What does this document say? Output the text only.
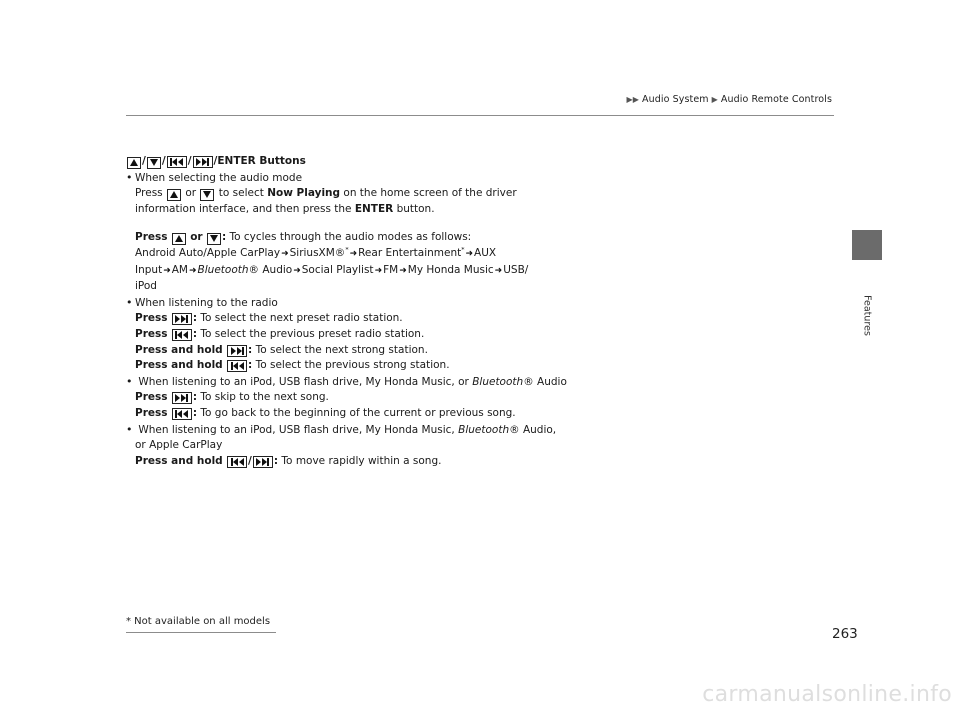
▶▶ Audio System ▶ Audio Remote Controls
Features
/ / / /ENTER Buttons
• When selecting the audio mode
Press or to select Now Playing on the home screen of the driver
information interface, and then press the ENTER button.
Press or : To cycles through the audio modes as follows:
Android Auto/Apple CarPlay➜SiriusXM®*➜Rear Entertainment*➜AUX
Input➜AM➜Bluetooth® Audio➜Social Playlist➜FM➜My Honda Music➜USB/
iPod
• When listening to the radio
Press : To select the next preset radio station.
Press : To select the previous preset radio station.
Press and hold : To select the next strong station.
Press and hold : To select the previous strong station.
• When listening to an iPod, USB flash drive, My Honda Music, or Bluetooth® Audio
Press : To skip to the next song.
Press : To go back to the beginning of the current or previous song.
• When listening to an iPod, USB flash drive, My Honda Music, Bluetooth® Audio,
or Apple CarPlay
Press and hold / : To move rapidly within a song.
* Not available on all models
263
carmanualsonline.info
